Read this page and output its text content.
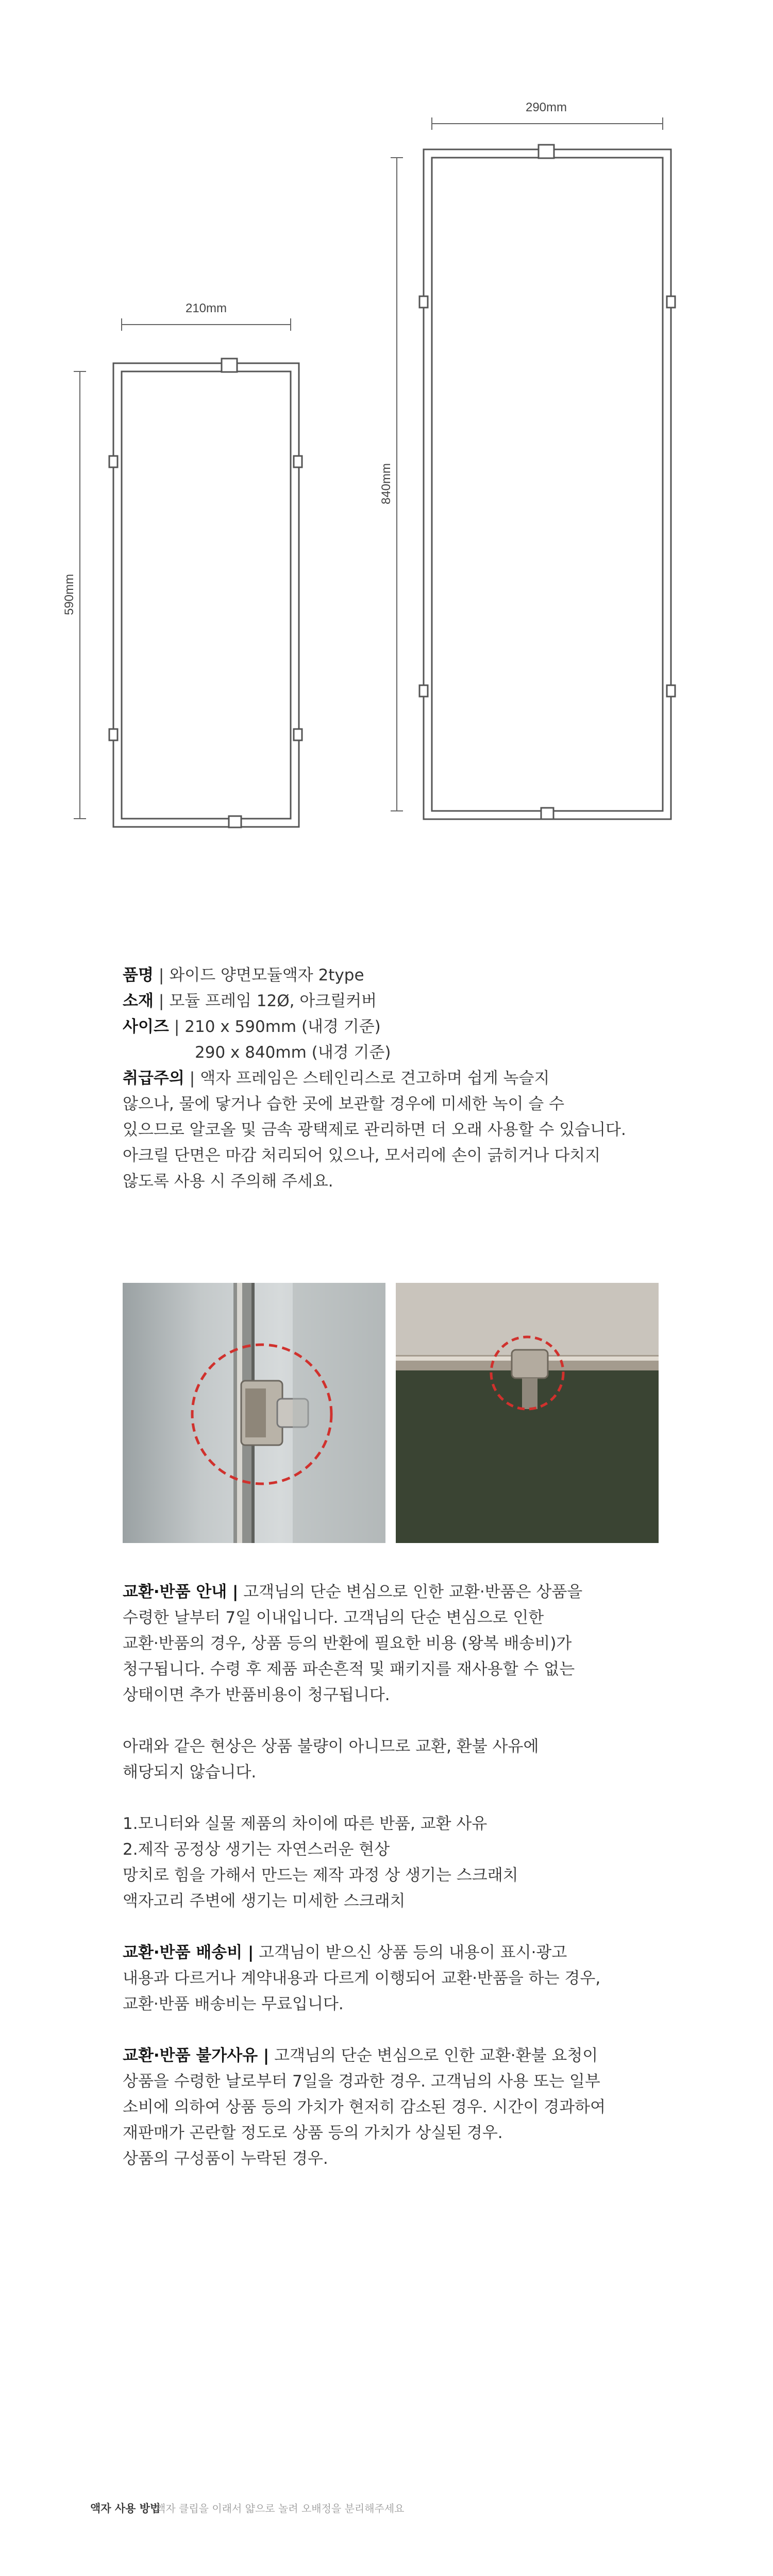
210mm
590mm
290mm
840mm
품명 | 와이드 양면모듈액자 2type
소재 | 모듈 프레임 12Ø, 아크릴커버
사이즈 | 210 x 590mm (내경 기준)
290 x 840mm (내경 기준)
취급주의 | 액자 프레임은 스테인리스로 견고하며 쉽게 녹슬지
않으나, 물에 닿거나 습한 곳에 보관할 경우에 미세한 녹이 슬 수
있으므로 알코올 및 금속 광택제로 관리하면 더 오래 사용할 수 있습니다.
아크릴 단면은 마감 처리되어 있으나, 모서리에 손이 긁히거나 다치지
않도록 사용 시 주의해 주세요.

교환·반품 안내 | 고객님의 단순 변심으로 인한 교환·반품은 상품을

수령한 날부터 7일 이내입니다. 고객님의 단순 변심으로 인한

교환·반품의 경우, 상품 등의 반환에 필요한 비용 (왕복 배송비)가

청구됩니다. 수령 후 제품 파손흔적 및 패키지를 재사용할 수 없는

상태이면 추가 반품비용이 청구됩니다.

아래와 같은 현상은 상품 불량이 아니므로 교환, 환불 사유에

해당되지 않습니다.

1.모니터와 실물 제품의 차이에 따른 반품, 교환 사유

2.제작 공정상 생기는 자연스러운 현상

망치로 힘을 가해서 만드는 제작 과정 상 생기는 스크래치

액자고리 주변에 생기는 미세한 스크래치

교환·반품 배송비 | 고객님이 받으신 상품 등의 내용이 표시·광고

내용과 다르거나 계약내용과 다르게 이행되어 교환·반품을 하는 경우,

교환·반품 배송비는 무료입니다.

교환·반품 불가사유 | 고객님의 단순 변심으로 인한 교환·환불 요청이

상품을 수령한 날로부터 7일을 경과한 경우. 고객님의 사용 또는 일부

소비에 의하여 상품 등의 가치가 현저히 감소된 경우. 시간이 경과하여

재판매가 곤란할 정도로 상품 등의 가치가 상실된 경우.

상품의 구성품이 누락된 경우.

액자 사용 방법
액자 클립을 이래서 얇으로 놀려 오배정을 분리해주세요
